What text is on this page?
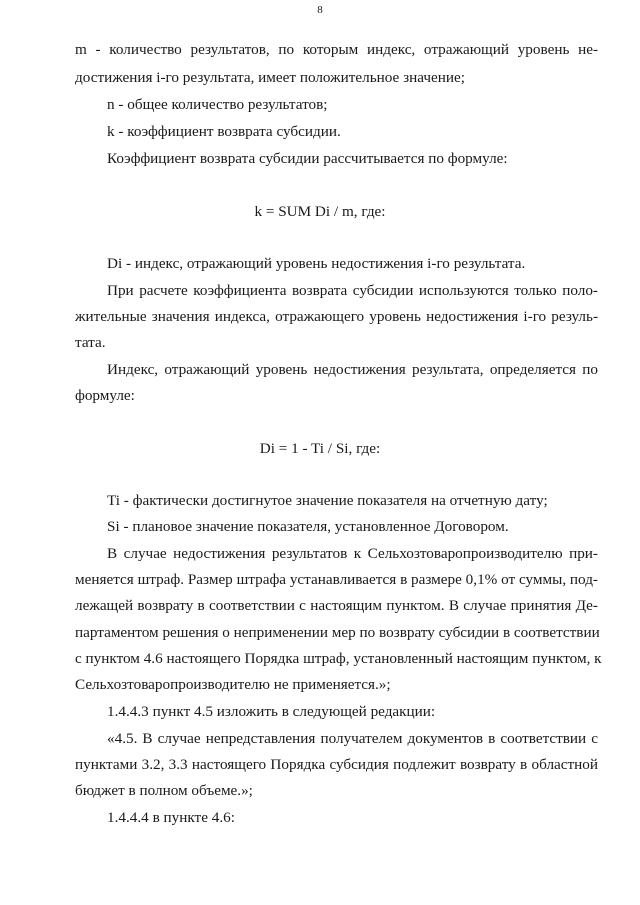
8
m - количество результатов, по которым индекс, отражающий уровень не-
достижения i-го результата, имеет положительное значение;
n - общее количество результатов;
k - коэффициент возврата субсидии.
Коэффициент возврата субсидии рассчитывается по формуле:
k = SUM Di / m, где:
Di - индекс, отражающий уровень недостижения i-го результата.
При расчете коэффициента возврата субсидии используются только поло-
жительные значения индекса, отражающего уровень недостижения i-го резуль-
тата.
Индекс, отражающий уровень недостижения результата, определяется по
формуле:
Di = 1 - Ti / Si, где:
Ti - фактически достигнутое значение показателя на отчетную дату;
Si - плановое значение показателя, установленное Договором.
В случае недостижения результатов к Сельхозтоваропроизводителю при-
меняется штраф. Размер штрафа устанавливается в размере 0,1% от суммы, под-
лежащей возврату в соответствии с настоящим пунктом. В случае принятия Де-
партаментом решения о неприменении мер по возврату субсидии в соответствии
с пунктом 4.6 настоящего Порядка штраф, установленный настоящим пунктом, к
Сельхозтоваропроизводителю не применяется.»;
1.4.4.3 пункт 4.5 изложить в следующей редакции:
«4.5. В случае непредставления получателем документов в соответствии с
пунктами 3.2, 3.3 настоящего Порядка субсидия подлежит возврату в областной
бюджет в полном объеме.»;
1.4.4.4 в пункте 4.6:
